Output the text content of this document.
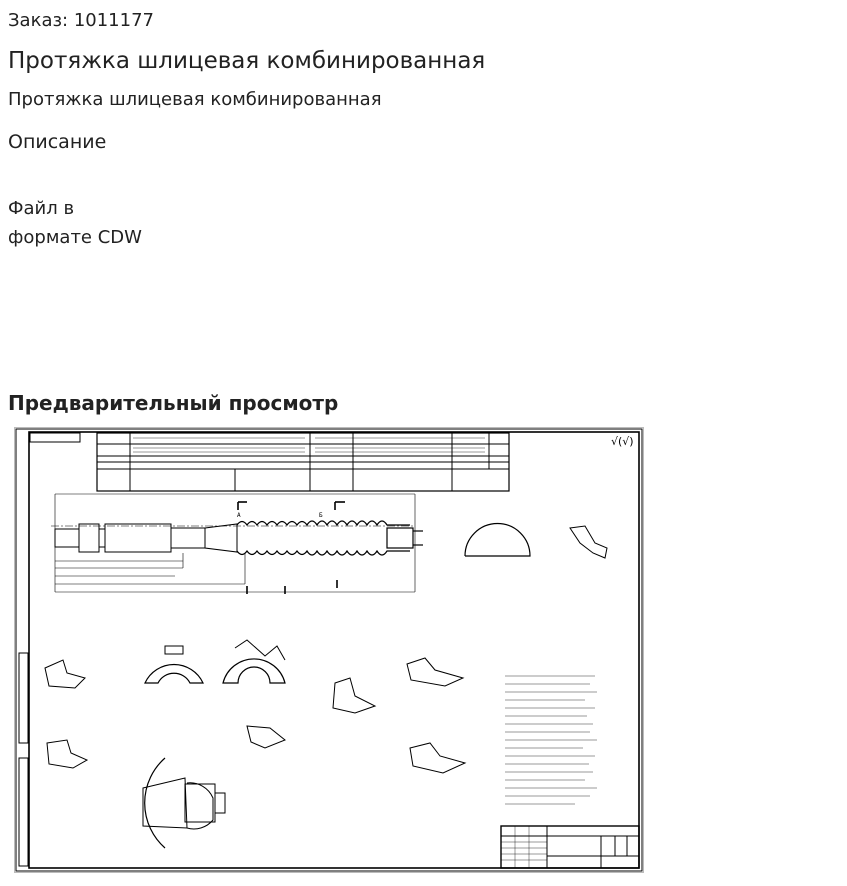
Заказ: 1011177
Протяжка шлицевая комбинированная
Протяжка шлицевая комбинированная
Описание
Файл в
формате CDW
Предварительный просмотр
А	Б
√(√)
